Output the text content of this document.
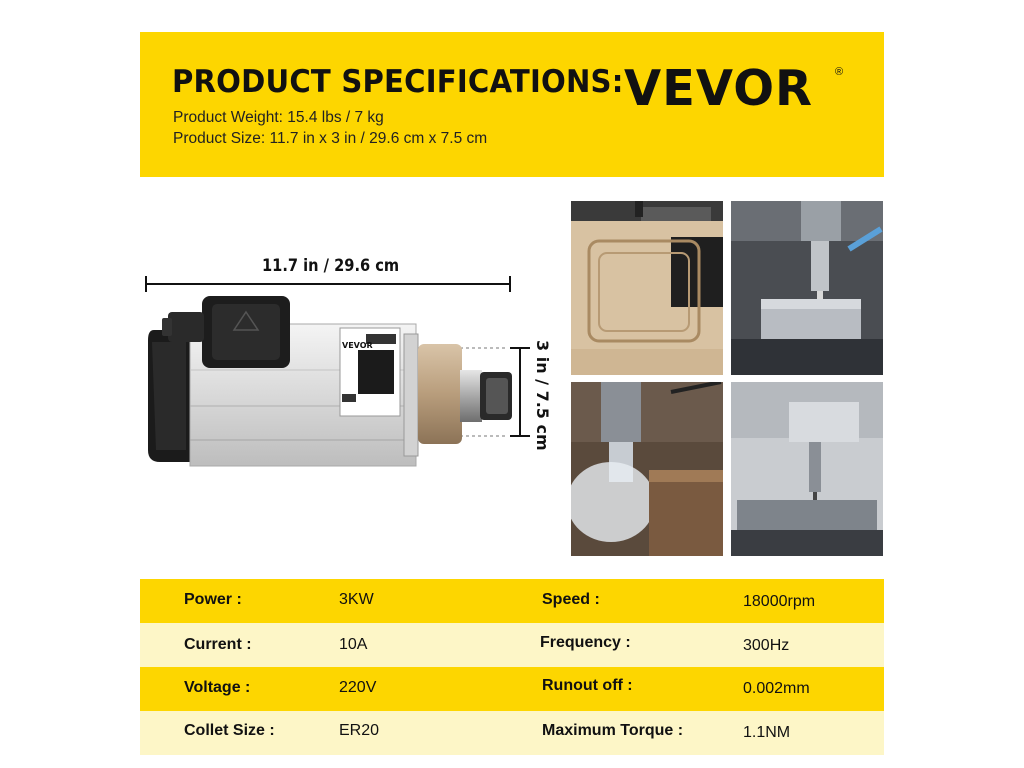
PRODUCT SPECIFICATIONS:
Product Weight: 15.4 lbs / 7 kg
Product Size: 11.7 in x 3 in / 29.6 cm x 7.5 cm
VEVOR ®
11.7 in / 29.6 cm
3 in / 7.5 cm
VEVOR
Power :	3KW	Speed :	18000rpm
Current :	10A	Frequency :	300Hz
Voltage :	220V	Runout off :	0.002mm
Collet Size :	ER20	Maximum Torque :	1.1NM
